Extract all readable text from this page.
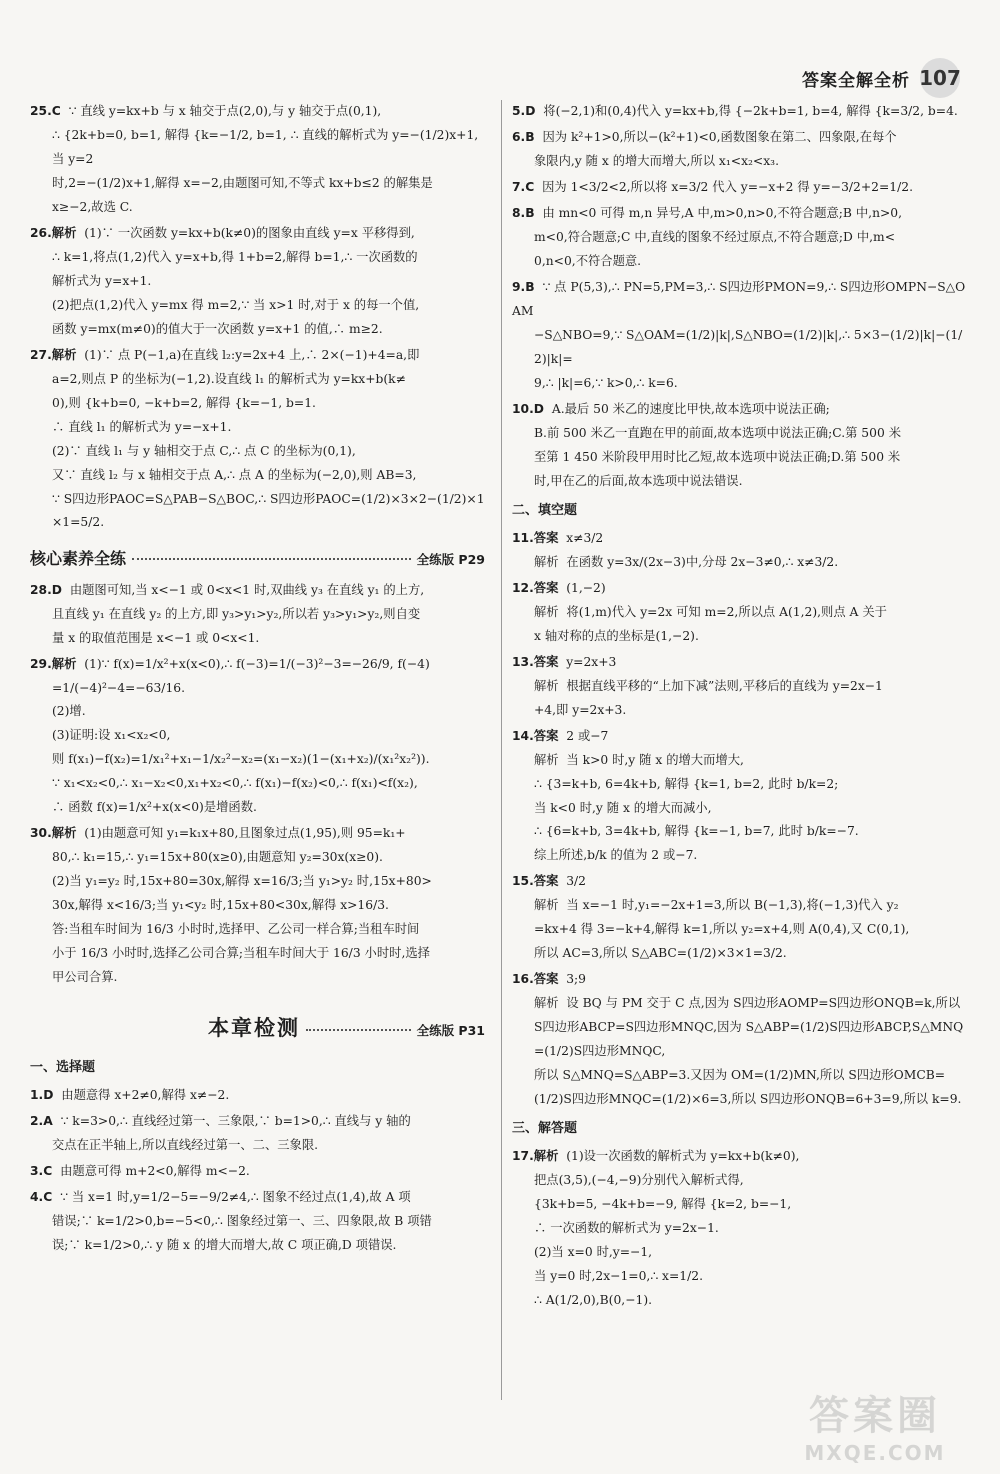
答案全解全析 107
25.C ∵ 直线 y=kx+b 与 x 轴交于点(2,0),与 y 轴交于点(0,1),
∴ {2k+b=0, b=1, 解得 {k=−1/2, b=1, ∴ 直线的解析式为 y=−(1/2)x+1,当 y=2
时,2=−(1/2)x+1,解得 x=−2,由题图可知,不等式 kx+b≤2 的解集是
x≥−2,故选 C.
26.解析 (1)∵ 一次函数 y=kx+b(k≠0)的图象由直线 y=x 平移得到,
∴ k=1,将点(1,2)代入 y=x+b,得 1+b=2,解得 b=1,∴ 一次函数的
解析式为 y=x+1.
(2)把点(1,2)代入 y=mx 得 m=2,∵ 当 x>1 时,对于 x 的每一个值,
函数 y=mx(m≠0)的值大于一次函数 y=x+1 的值,∴ m≥2.
27.解析 (1)∵ 点 P(−1,a)在直线 l₂:y=2x+4 上,∴ 2×(−1)+4=a,即
a=2,则点 P 的坐标为(−1,2).设直线 l₁ 的解析式为 y=kx+b(k≠
0),则 {k+b=0, −k+b=2, 解得 {k=−1, b=1.
∴ 直线 l₁ 的解析式为 y=−x+1.
(2)∵ 直线 l₁ 与 y 轴相交于点 C,∴ 点 C 的坐标为(0,1),
又∵ 直线 l₂ 与 x 轴相交于点 A,∴ 点 A 的坐标为(−2,0),则 AB=3,
∵ S四边形PAOC=S△PAB−S△BOC,∴ S四边形PAOC=(1/2)×3×2−(1/2)×1×1=5/2.
核心素养全练	全练版 P29
28.D 由题图可知,当 x<−1 或 0<x<1 时,双曲线 y₃ 在直线 y₁ 的上方,
且直线 y₁ 在直线 y₂ 的上方,即 y₃>y₁>y₂,所以若 y₃>y₁>y₂,则自变
量 x 的取值范围是 x<−1 或 0<x<1.
29.解析 (1)∵ f(x)=1/x²+x(x<0),∴ f(−3)=1/(−3)²−3=−26/9, f(−4)
=1/(−4)²−4=−63/16.
(2)增.
(3)证明:设 x₁<x₂<0,
则 f(x₁)−f(x₂)=1/x₁²+x₁−1/x₂²−x₂=(x₁−x₂)(1−(x₁+x₂)/(x₁²x₂²)).
∵ x₁<x₂<0,∴ x₁−x₂<0,x₁+x₂<0,∴ f(x₁)−f(x₂)<0,∴ f(x₁)<f(x₂),
∴ 函数 f(x)=1/x²+x(x<0)是增函数.
30.解析 (1)由题意可知 y₁=k₁x+80,且图象过点(1,95),则 95=k₁+
80,∴ k₁=15,∴ y₁=15x+80(x≥0),由题意知 y₂=30x(x≥0).
(2)当 y₁=y₂ 时,15x+80=30x,解得 x=16/3;当 y₁>y₂ 时,15x+80>
30x,解得 x<16/3;当 y₁<y₂ 时,15x+80<30x,解得 x>16/3.
答:当租车时间为 16/3 小时时,选择甲、乙公司一样合算;当租车时间
小于 16/3 小时时,选择乙公司合算;当租车时间大于 16/3 小时时,选择
甲公司合算.
本章检测	全练版 P31
一、选择题
1.D 由题意得 x+2≠0,解得 x≠−2.
2.A ∵ k=3>0,∴ 直线经过第一、三象限,∵ b=1>0,∴ 直线与 y 轴的
交点在正半轴上,所以直线经过第一、二、三象限.
3.C 由题意可得 m+2<0,解得 m<−2.
4.C ∵ 当 x=1 时,y=1/2−5=−9/2≠4,∴ 图象不经过点(1,4),故 A 项
错误;∵ k=1/2>0,b=−5<0,∴ 图象经过第一、三、四象限,故 B 项错
误;∵ k=1/2>0,∴ y 随 x 的增大而增大,故 C 项正确,D 项错误.
5.D 将(−2,1)和(0,4)代入 y=kx+b,得 {−2k+b=1, b=4, 解得 {k=3/2, b=4.
6.B 因为 k²+1>0,所以−(k²+1)<0,函数图象在第二、四象限,在每个
象限内,y 随 x 的增大而增大,所以 x₁<x₂<x₃.
7.C 因为 1<3/2<2,所以将 x=3/2 代入 y=−x+2 得 y=−3/2+2=1/2.
8.B 由 mn<0 可得 m,n 异号,A 中,m>0,n>0,不符合题意;B 中,n>0,
m<0,符合题意;C 中,直线的图象不经过原点,不符合题意;D 中,m<
0,n<0,不符合题意.
9.B ∵ 点 P(5,3),∴ PN=5,PM=3,∴ S四边形PMON=9,∴ S四边形OMPN−S△OAM
−S△NBO=9,∵ S△OAM=(1/2)|k|,S△NBO=(1/2)|k|,∴ 5×3−(1/2)|k|−(1/2)|k|=
9,∴ |k|=6,∵ k>0,∴ k=6.
10.D A.最后 50 米乙的速度比甲快,故本选项中说法正确;
B.前 500 米乙一直跑在甲的前面,故本选项中说法正确;C.第 500 米
至第 1 450 米阶段甲用时比乙短,故本选项中说法正确;D.第 500 米
时,甲在乙的后面,故本选项中说法错误.
二、填空题
11.答案 x≠3/2
解析  在函数 y=3x/(2x−3)中,分母 2x−3≠0,∴ x≠3/2.
12.答案 (1,−2)
解析  将(1,m)代入 y=2x 可知 m=2,所以点 A(1,2),则点 A 关于
x 轴对称的点的坐标是(1,−2).
13.答案 y=2x+3
解析  根据直线平移的“上加下减”法则,平移后的直线为 y=2x−1
+4,即 y=2x+3.
14.答案 2 或−7
解析  当 k>0 时,y 随 x 的增大而增大,
∴ {3=k+b, 6=4k+b, 解得 {k=1, b=2, 此时 b/k=2;
当 k<0 时,y 随 x 的增大而减小,
∴ {6=k+b, 3=4k+b, 解得 {k=−1, b=7, 此时 b/k=−7.
综上所述,b/k 的值为 2 或−7.
15.答案 3/2
解析  当 x=−1 时,y₁=−2x+1=3,所以 B(−1,3),将(−1,3)代入 y₂
=kx+4 得 3=−k+4,解得 k=1,所以 y₂=x+4,则 A(0,4),又 C(0,1),
所以 AC=3,所以 S△ABC=(1/2)×3×1=3/2.
16.答案 3;9
解析  设 BQ 与 PM 交于 C 点,因为 S四边形AOMP=S四边形ONQB=k,所以
S四边形ABCP=S四边形MNQC,因为 S△ABP=(1/2)S四边形ABCP,S△MNQ=(1/2)S四边形MNQC,
所以 S△MNQ=S△ABP=3.又因为 OM=(1/2)MN,所以 S四边形OMCB=
(1/2)S四边形MNQC=(1/2)×6=3,所以 S四边形ONQB=6+3=9,所以 k=9.
三、解答题
17.解析 (1)设一次函数的解析式为 y=kx+b(k≠0),
把点(3,5),(−4,−9)分别代入解析式得,
{3k+b=5, −4k+b=−9, 解得 {k=2, b=−1,
∴ 一次函数的解析式为 y=2x−1.
(2)当 x=0 时,y=−1,
当 y=0 时,2x−1=0,∴ x=1/2.
∴ A(1/2,0),B(0,−1).
答案圈
MXQE.COM
